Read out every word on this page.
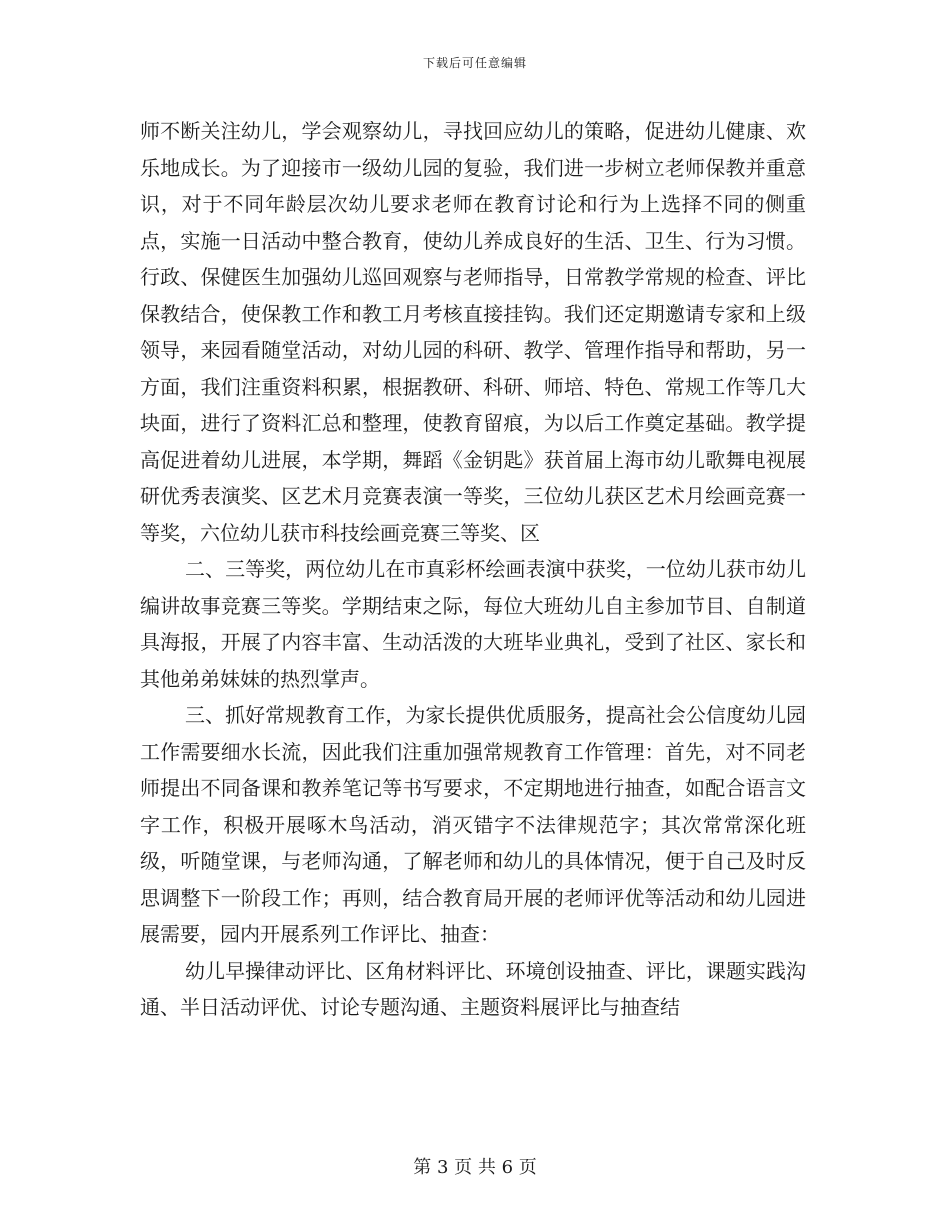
下载后可任意编辑

师不断关注幼儿，学会观察幼儿，寻找回应幼儿的策略，促进幼儿健康、欢乐地成长。为了迎接市一级幼儿园的复验，我们进一步树立老师保教并重意识，对于不同年龄层次幼儿要求老师在教育讨论和行为上选择不同的侧重点，实施一日活动中整合教育，使幼儿养成良好的生活、卫生、行为习惯。行政、保健医生加强幼儿巡回观察与老师指导，日常教学常规的检查、评比保教结合，使保教工作和教工月考核直接挂钩。我们还定期邀请专家和上级领导，来园看随堂活动，对幼儿园的科研、教学、管理作指导和帮助，另一方面，我们注重资料积累，根据教研、科研、师培、特色、常规工作等几大块面，进行了资料汇总和整理，使教育留痕，为以后工作奠定基础。教学提高促进着幼儿进展，本学期，舞蹈《金钥匙》获首届上海市幼儿歌舞电视展研优秀表演奖、区艺术月竞赛表演一等奖，三位幼儿获区艺术月绘画竞赛一等奖，六位幼儿获市科技绘画竞赛三等奖、区

二、三等奖，两位幼儿在市真彩杯绘画表演中获奖，一位幼儿获市幼儿编讲故事竞赛三等奖。学期结束之际，每位大班幼儿自主参加节目、自制道具海报，开展了内容丰富、生动活泼的大班毕业典礼，受到了社区、家长和其他弟弟妹妹的热烈掌声。

三、抓好常规教育工作，为家长提供优质服务，提高社会公信度幼儿园工作需要细水长流，因此我们注重加强常规教育工作管理：首先，对不同老师提出不同备课和教养笔记等书写要求，不定期地进行抽查，如配合语言文字工作，积极开展啄木鸟活动，消灭错字不法律规范字；其次常常深化班级，听随堂课，与老师沟通，了解老师和幼儿的具体情况，便于自己及时反思调整下一阶段工作；再则，结合教育局开展的老师评优等活动和幼儿园进展需要，园内开展系列工作评比、抽查：

幼儿早操律动评比、区角材料评比、环境创设抽查、评比，课题实践沟通、半日活动评优、讨论专题沟通、主题资料展评比与抽查结

第 3 页 共 6 页
